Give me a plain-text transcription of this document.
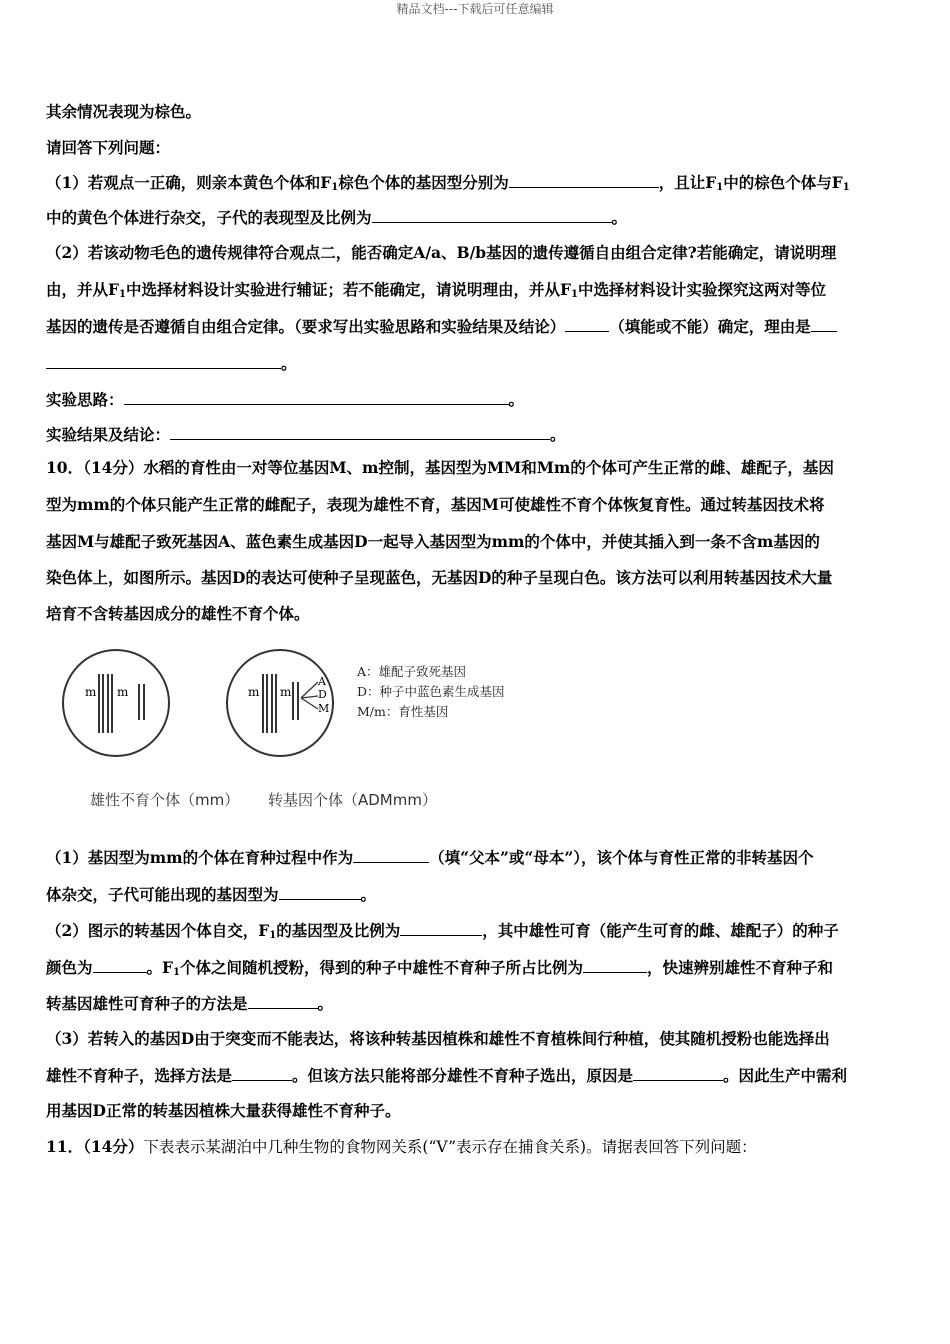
精品文档---下载后可任意编辑
其余情况表现为棕色。
请回答下列问题：
（1）若观点一正确，则亲本黄色个体和$F_1$棕色个体的基因型分别为	，且让$F_1$中的棕色个体与$F_1$
中的黄色个体进行杂交，子代的表现型及比例为	。
（2）若该动物毛色的遗传规律符合观点二，能否确定A/a、B/b基因的遗传遵循自由组合定律?若能确定，请说明理
由，并从$F_1$中选择材料设计实验进行辅证；若不能确定，请说明理由，并从$F_1$中选择材料设计实验探究这两对等位
基因的遗传是否遵循自由组合定律。（要求写出实验思路和实验结果及结论）	（填能或不能）确定，理由是
。
实验思路：	。
实验结果及结论：	。
10．（14分）水稻的育性由一对等位基因M、m控制，基因型为MM和Mm的个体可产生正常的雌、雄配子，基因
型为mm的个体只能产生正常的雌配子，表现为雄性不育，基因M可使雄性不育个体恢复育性。通过转基因技术将
基因M与雄配子致死基因A、蓝色素生成基因D一起导入基因型为mm的个体中，并使其插入到一条不含m基因的
染色体上，如图所示。基因D的表达可使种子呈现蓝色，无基因D的种子呈现白色。该方法可以利用转基因技术大量
培育不含转基因成分的雄性不育个体。
m m	m m
A
D
M
A：雄配子致死基因
D：种子中蓝色素生成基因
M/m：育性基因
雄性不育个体（mm） 转基因个体（ADMmm）
（1）基因型为mm的个体在育种过程中作为	（填“父本”或“母本”），该个体与育性正常的非转基因个
体杂交，子代可能出现的基因型为	。
（2）图示的转基因个体自交，$F_1$的基因型及比例为	，其中雄性可育（能产生可育的雌、雄配子）的种子
颜色为	。$F_1$个体之间随机授粉，得到的种子中雄性不育种子所占比例为	，快速辨别雄性不育种子和
转基因雄性可育种子的方法是	。
（3）若转入的基因D由于突变而不能表达，将该种转基因植株和雄性不育植株间行种植，使其随机授粉也能选择出
雄性不育种子，选择方法是	。但该方法只能将部分雄性不育种子选出，原因是	。因此生产中需利
用基因D正常的转基因植株大量获得雄性不育种子。
11．（14分）下表表示某湖泊中几种生物的食物网关系(“V”表示存在捕食关系)。请据表回答下列问题：
